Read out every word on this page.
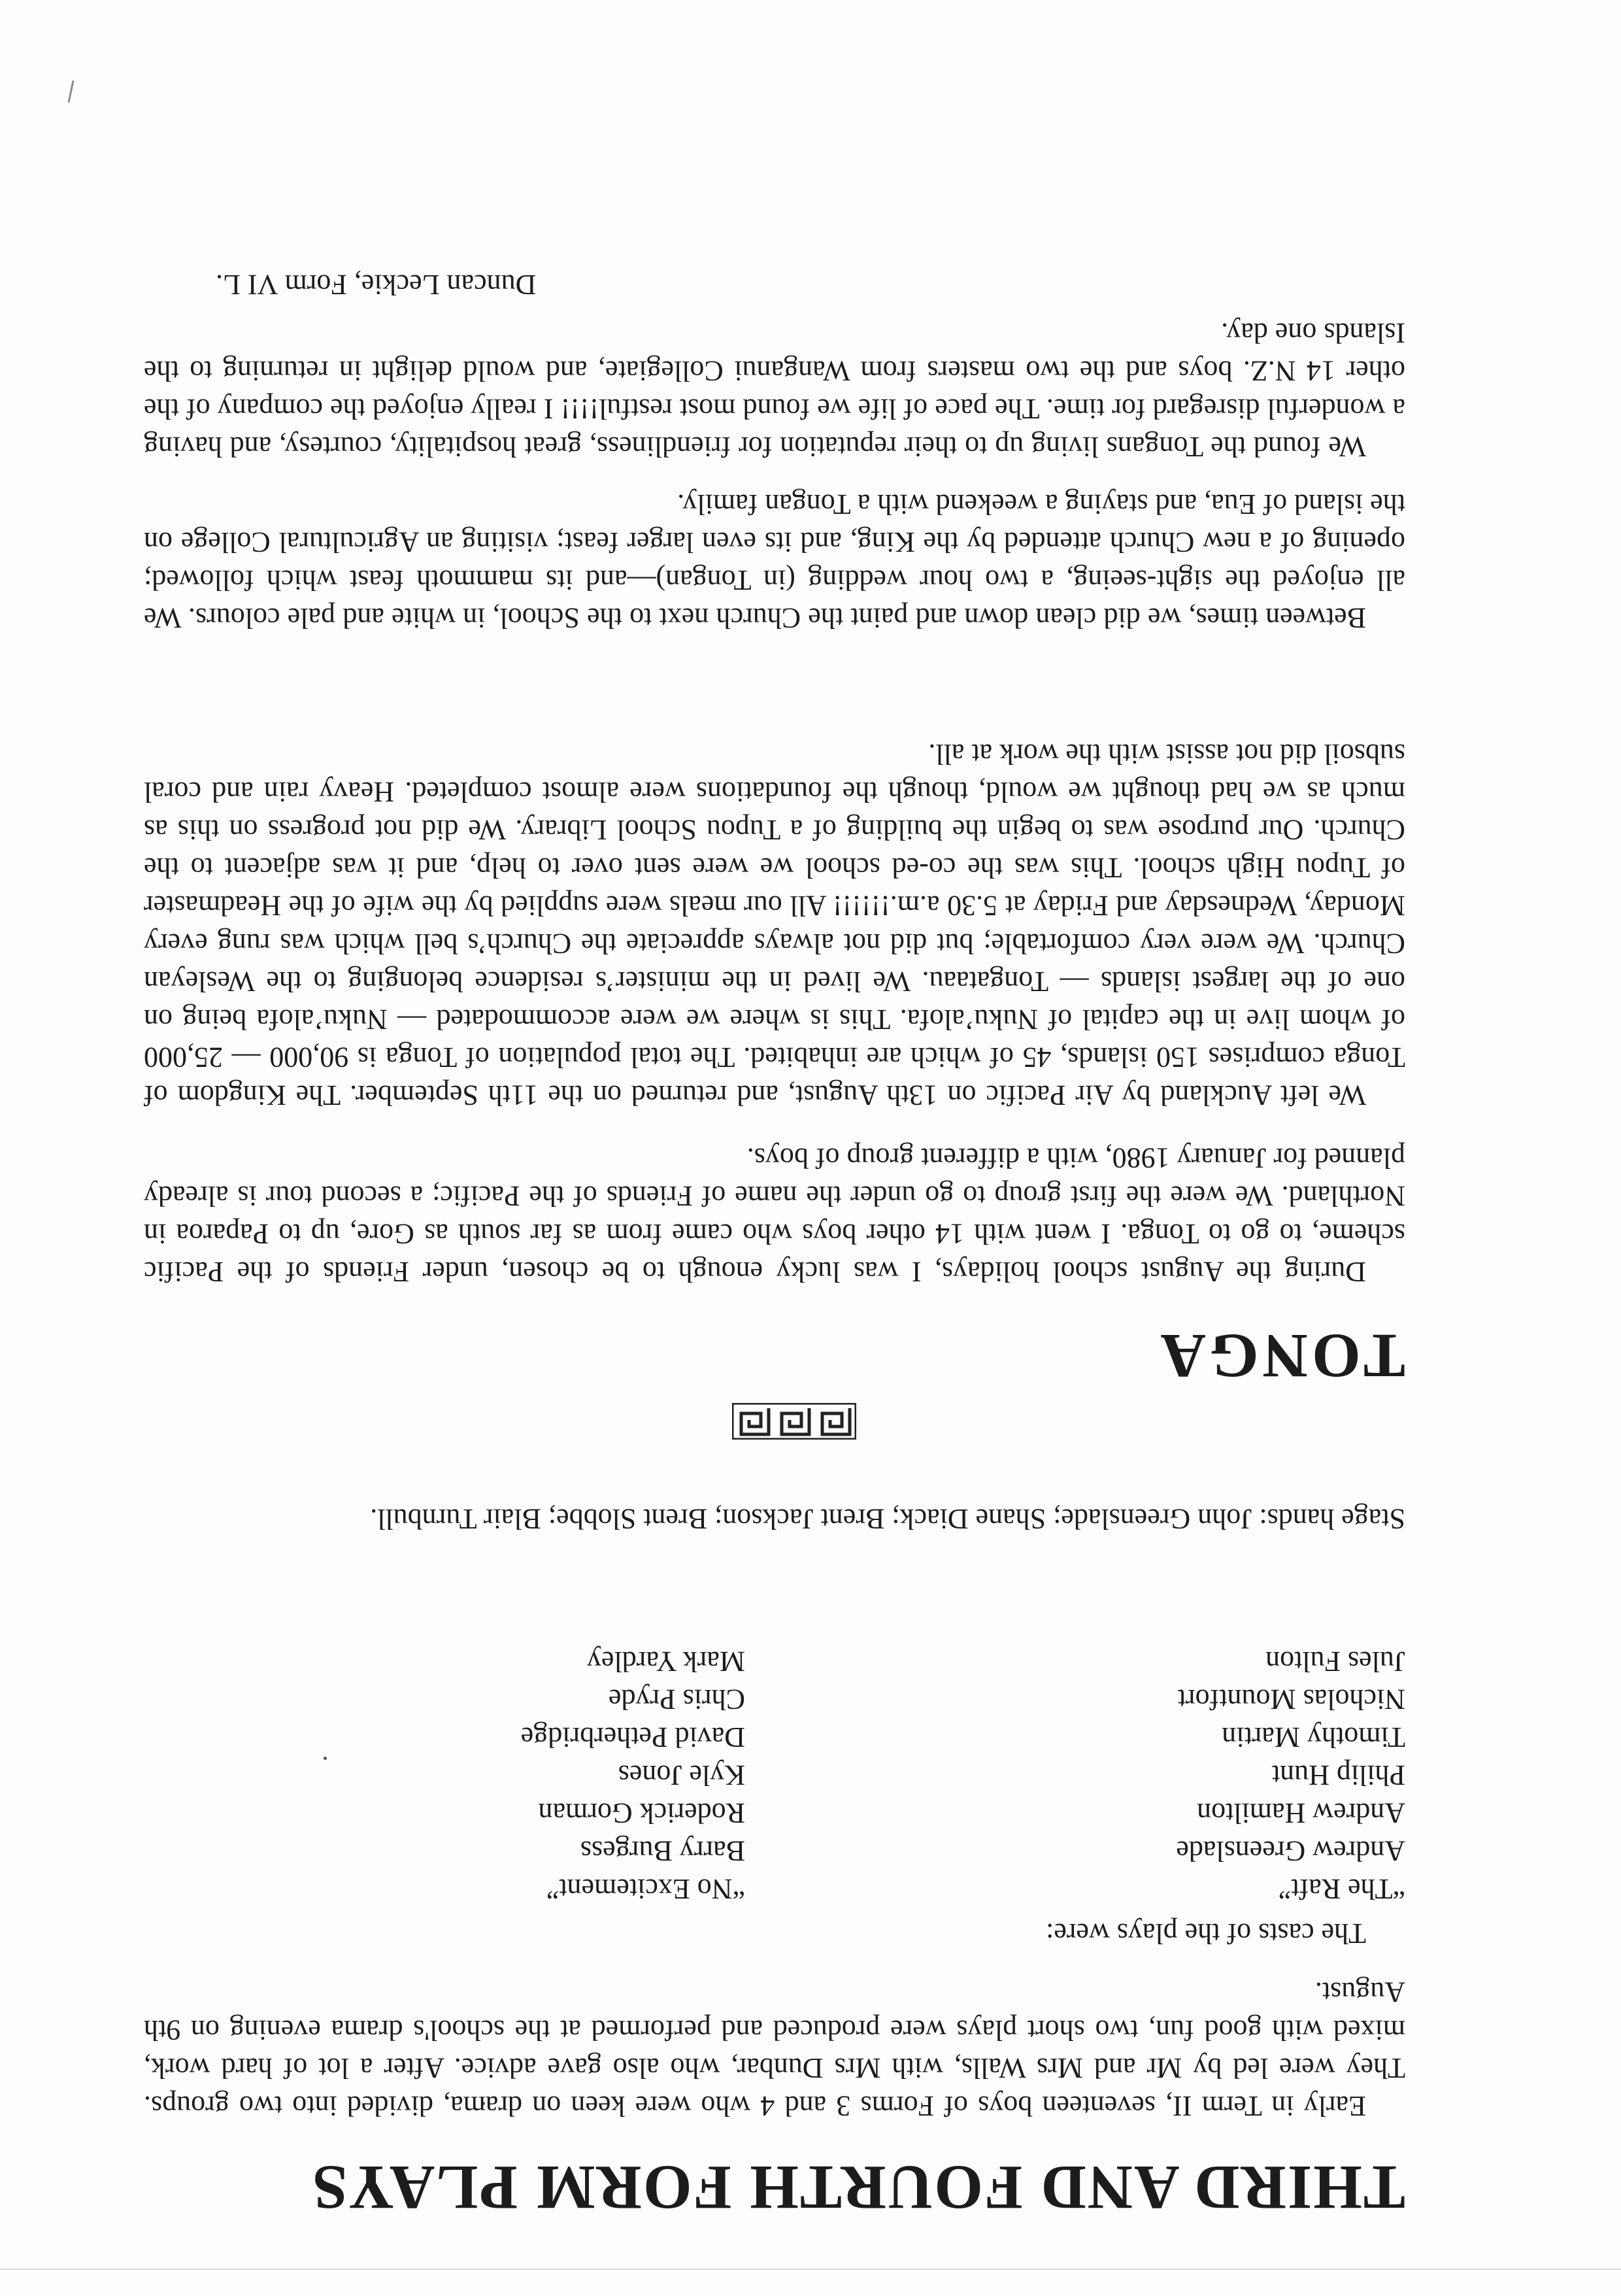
THIRD AND FOURTH FORM PLAYS

Early in Term II, seventeen boys of Forms 3 and 4 who were keen on drama, divided into two groups. They were led by Mr and Mrs Walls, with Mrs Dunbar, who also gave advice. After a lot of hard work, mixed with good fun, two short plays were produced and performed at the school's drama evening on 9th August.

The casts of the plays were:

“The Raft”
Andrew Greenslade
Andrew Hamilton
Philip Hunt
Timothy Martin
Nicholas Mountfort
Jules Fulton
“No Excitement”
Barry Burgess
Roderick Gorman
Kyle Jones
David Petherbridge
Chris Pryde
Mark Yardley

Stage hands: John Greenslade; Shane Diack; Brent Jackson; Brent Slobbe; Blair Turnbull.

TONGA

During the August school holidays, I was lucky enough to be chosen, under Friends of the Pacific scheme, to go to Tonga. I went with 14 other boys who came from as far south as Gore, up to Paparoa in Northland. We were the first group to go under the name of Friends of the Pacific; a second tour is already planned for January 1980, with a different group of boys.

We left Auckland by Air Pacific on 13th August, and returned on the 11th September. The Kingdom of Tonga comprises 150 islands, 45 of which are inhabited. The total population of Tonga is 90,000 — 25,000 of whom live in the capital of Nuku’alofa. This is where we were accommodated — Nuku’alofa being on one of the largest islands — Tongataau. We lived in the minister’s residence belonging to the Wesleyan Church. We were very comfortable; but did not always appreciate the Church’s bell which was rung every Monday, Wednesday and Friday at 5.30 a.m.!!!!!! All our meals were supplied by the wife of the Headmaster of Tupou High school. This was the co-ed school we were sent over to help, and it was adjacent to the Church. Our purpose was to begin the building of a Tupou School Library. We did not progress on this as much as we had thought we would, though the foundations were almost completed. Heavy rain and coral subsoil did not assist with the work at all.

Between times, we did clean down and paint the Church next to the School, in white and pale colours. We all enjoyed the sight-seeing, a two hour wedding (in Tongan)—and its mammoth feast which followed; opening of a new Church attended by the King, and its even larger feast; visiting an Agricultural College on the island of Eua, and staying a weekend with a Tongan family.

We found the Tongans living up to their reputation for friendliness, great hospitality, courtesy, and having a wonderful disregard for time. The pace of life we found most restful!!!! I really enjoyed the company of the other 14 N.Z. boys and the two masters from Wanganui Collegiate, and would delight in returning to the Islands one day.

Duncan Leckie, Form VI L.
